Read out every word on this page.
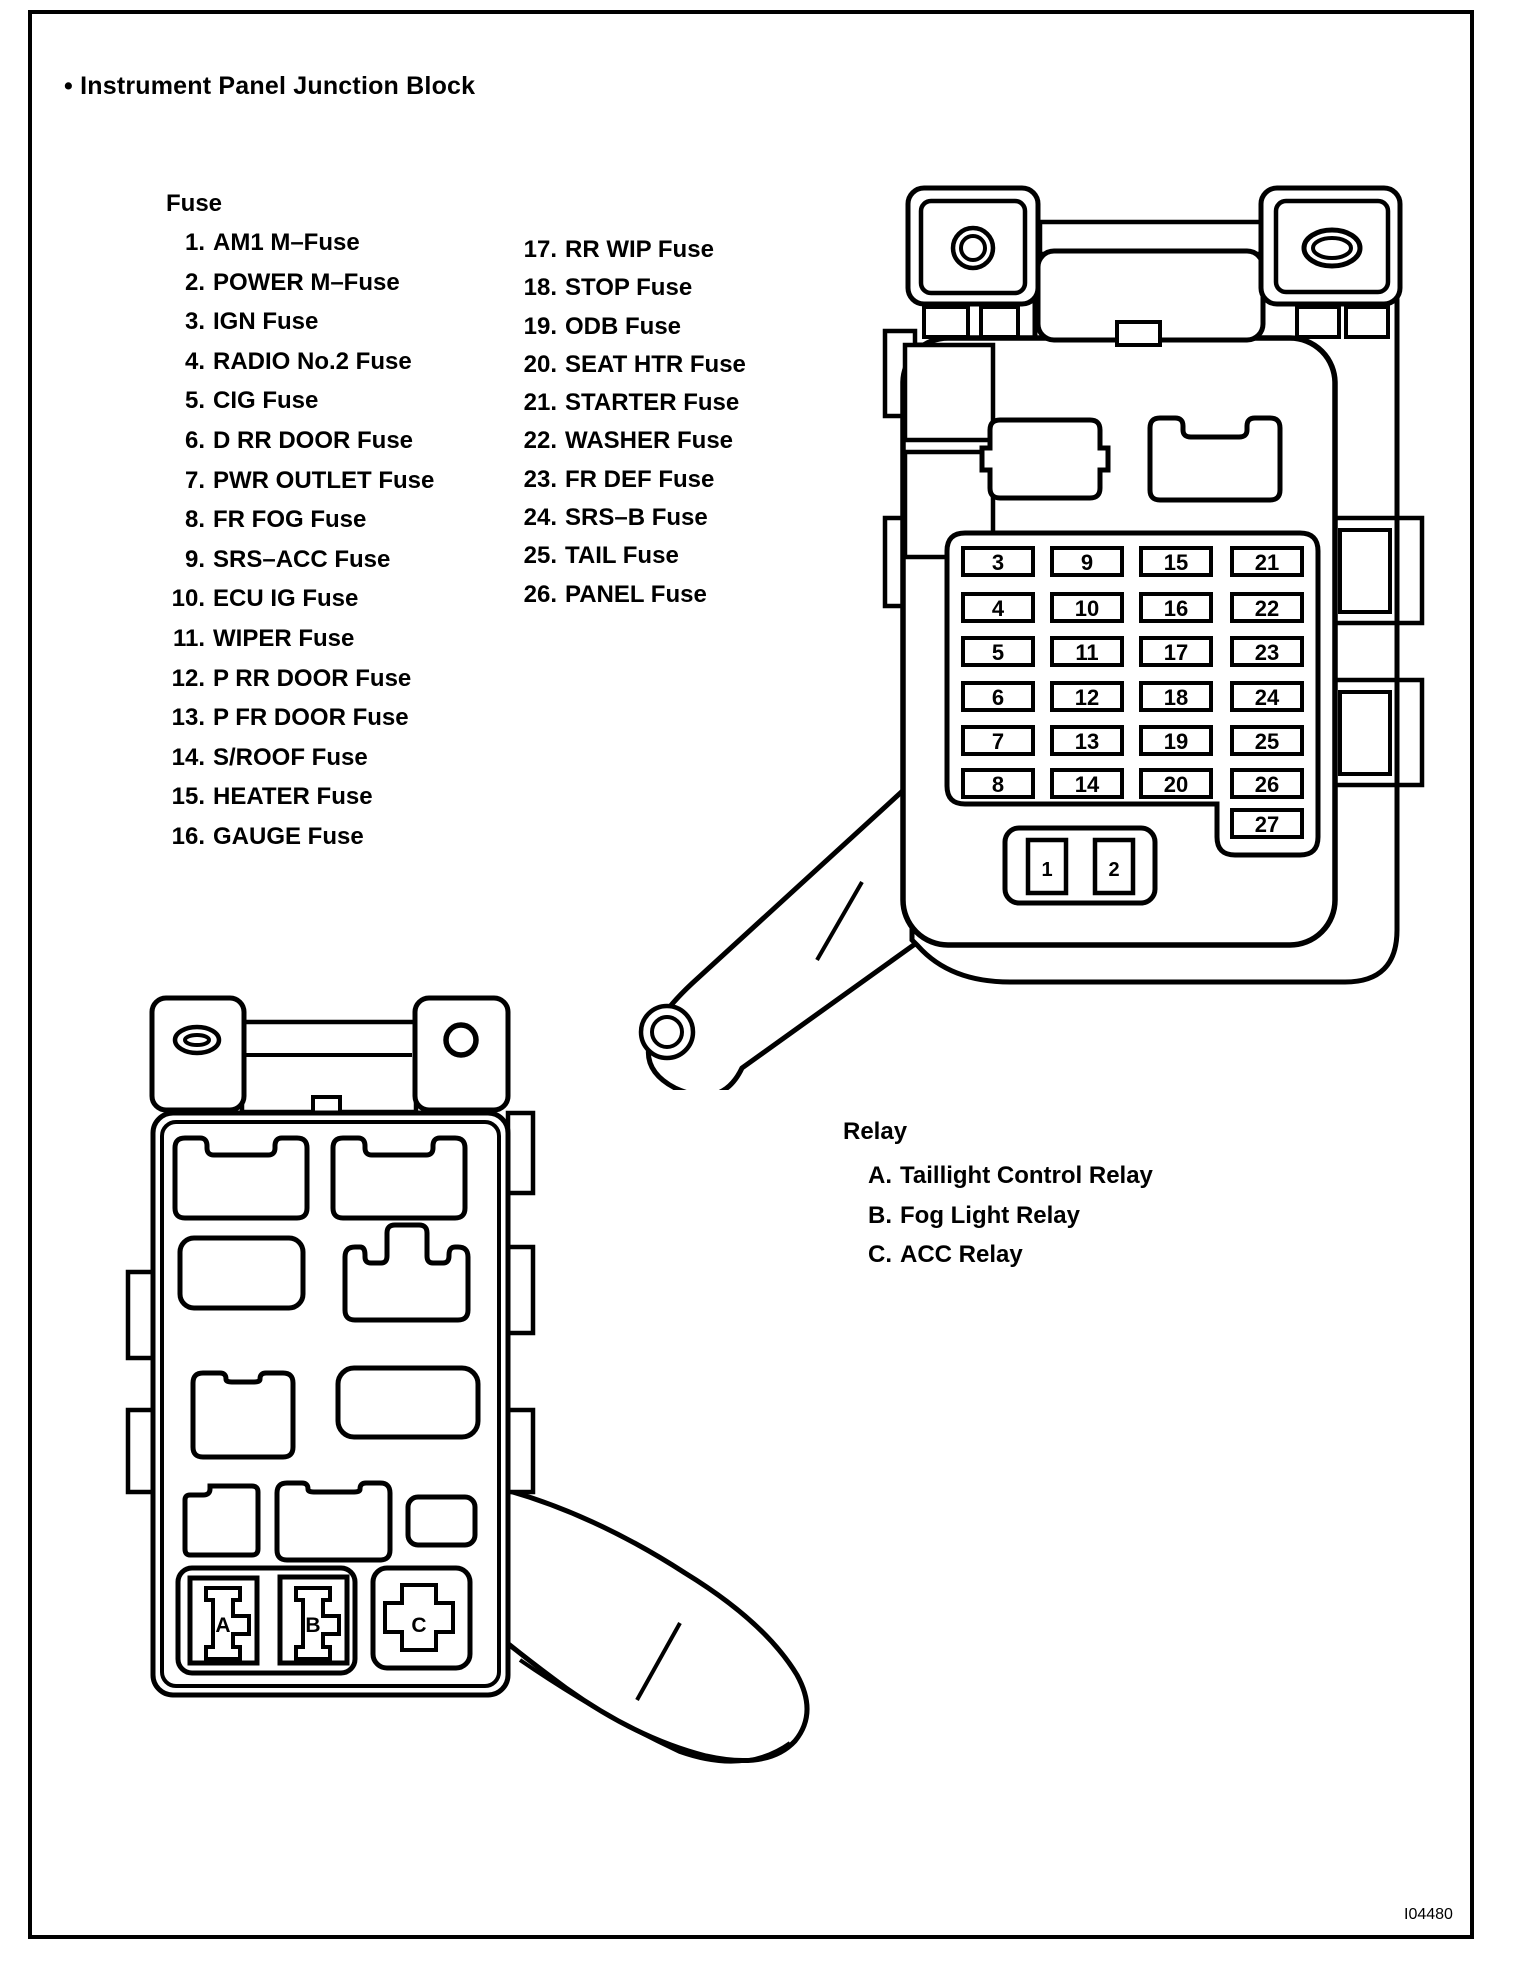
• Instrument Panel Junction Block
Fuse
1. AM1 M–Fuse
2. POWER M–Fuse
3. IGN Fuse
4. RADIO No.2 Fuse
5. CIG Fuse
6. D RR DOOR Fuse
7. PWR OUTLET Fuse
8. FR FOG Fuse
9. SRS–ACC Fuse
10. ECU IG Fuse
11. WIPER Fuse
12. P RR DOOR Fuse
13. P FR DOOR Fuse
14. S/ROOF Fuse
15. HEATER Fuse
16. GAUGE Fuse
17. RR WIP Fuse
18. STOP Fuse
19. ODB Fuse
20. SEAT HTR Fuse
21. STARTER Fuse
22. WASHER Fuse
23. FR DEF Fuse
24. SRS–B Fuse
25. TAIL Fuse
26. PANEL Fuse
Relay
A. Taillight Control Relay
B. Fog Light Relay
C. ACC Relay
3	9	15	21
4	10	16	22
5	11	17	23
6	12	18	24
7	13	19	25
8	14	20	26
27
1	2
A	B	C
I04480
